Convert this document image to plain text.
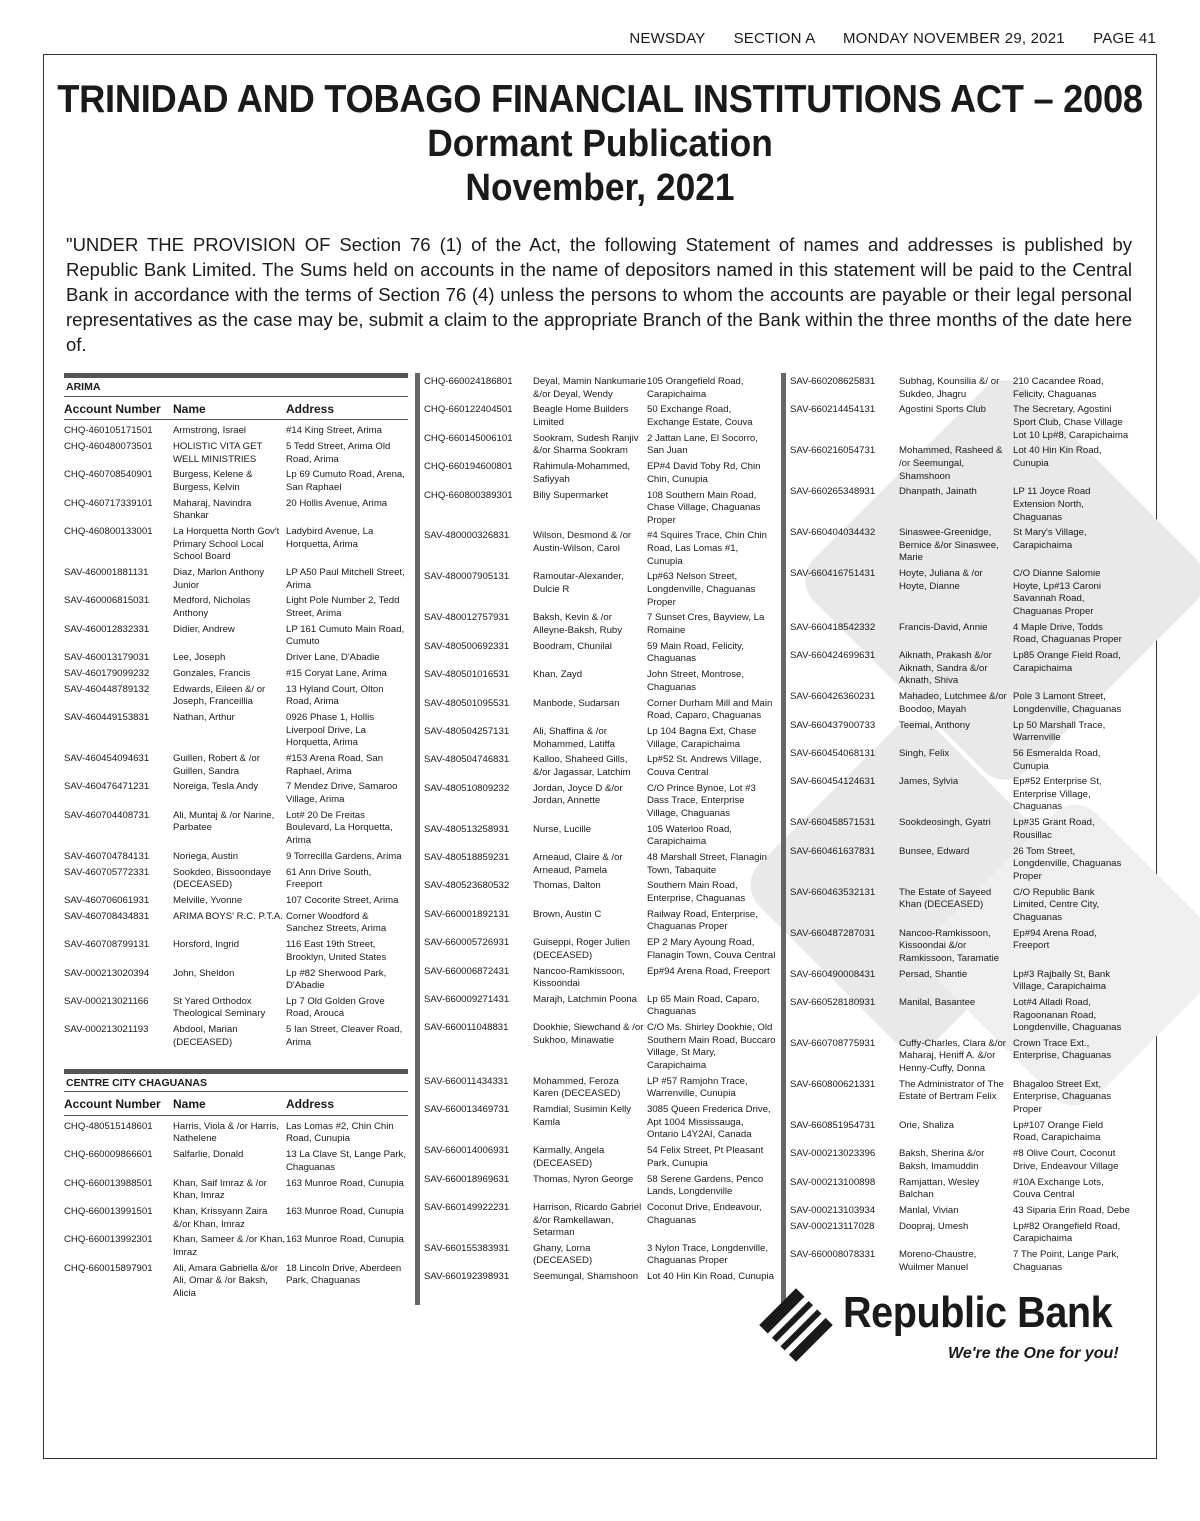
NEWSDAY SECTION A MONDAY NOVEMBER 29, 2021 PAGE 41
TRINIDAD AND TOBAGO FINANCIAL INSTITUTIONS ACT – 2008
Dormant Publication
November, 2021
"UNDER THE PROVISION OF Section 76 (1) of the Act, the following Statement of names and addresses is published by Republic Bank Limited. The Sums held on accounts in the name of depositors named in this statement will be paid to the Central Bank in accordance with the terms of Section 76 (4) unless the persons to whom the accounts are payable or their legal personal representatives as the case may be, submit a claim to the appropriate Branch of the Bank within the three months of the date here of.
ARIMA
Account Number	Name	Address
CHQ-460105171501	Armstrong, Israel	#14 King Street, Arima
CHQ-460480073501	HOLISTIC VITA GET WELL MINISTRIES	5 Tedd Street, Arima Old Road, Arima
CHQ-460708540901	Burgess, Kelene & Burgess, Kelvin	Lp 69 Cumuto Road, Arena, San Raphael
CHQ-460717339101	Maharaj, Navindra Shankar	20 Hollis Avenue, Arima
CHQ-460800133001	La Horquetta North Gov't Primary School Local School Board	Ladybird Avenue, La Horquetta, Arima
SAV-460001881131	Diaz, Marlon Anthony Junior	LP A50 Paul Mitchell Street, Arima
SAV-460006815031	Medford, Nicholas Anthony	Light Pole Number 2, Tedd Street, Arima
SAV-460012832331	Didier, Andrew	LP 161 Cumuto Main Road, Cumuto
SAV-460013179031	Lee, Joseph	Driver Lane, D'Abadie
SAV-460179099232	Gonzales, Francis	#15 Coryat Lane, Arima
SAV-460448789132	Edwards, Eileen &/ or Joseph, Franceillia	13 Hyland Court, Olton Road, Arima
SAV-460449153831	Nathan, Arthur	0926 Phase 1, Hollis Liverpool Drive, La Horquetta, Arima
SAV-460454094631	Guillen, Robert & /or Guillen, Sandra	#153 Arena Road, San Raphael, Arima
SAV-460476471231	Noreiga, Tesla Andy	7 Mendez Drive, Samaroo Village, Arima
SAV-460704408731	Ali, Muntaj & /or Narine, Parbatee	Lot# 20 De Freitas Boulevard, La Horquetta, Arima
SAV-460704784131	Noriega, Austin	9 Torrecilla Gardens, Arima
SAV-460705772331	Sookdeo, Bissoondaye (DECEASED)	61 Ann Drive South, Freeport
SAV-460706061931	Melville, Yvonne	107 Cocorite Street, Arima
SAV-460708434831	ARIMA BOYS' R.C. P.T.A.	Corner Woodford & Sanchez Streets, Arima
SAV-460708799131	Horsford, Ingrid	116 East 19th Street, Brooklyn, United States
SAV-000213020394	John, Sheldon	Lp #82 Sherwood Park, D'Abadie
SAV-000213021166	St Yared Orthodox Theological Seminary	Lp 7 Old Golden Grove Road, Arouca
SAV-000213021193	Abdool, Marian (DECEASED)	5 Ian Street, Cleaver Road, Arima
CENTRE CITY CHAGUANAS
Account Number	Name	Address
CHQ-480515148601	Harris, Viola & /or Harris, Nathelene	Las Lomas #2, Chin Chin Road, Cunupia
CHQ-660009866601	Salfarlie, Donald	13 La Clave St, Lange Park, Chaguanas
CHQ-660013988501	Khan, Saif Imraz & /or Khan, Imraz	163 Munroe Road, Cunupia
CHQ-660013991501	Khan, Krissyann Zaira &/or Khan, Imraz	163 Munroe Road, Cunupia
CHQ-660013992301	Khan, Sameer & /or Khan, Imraz	163 Munroe Road, Cunupia
CHQ-660015897901	Ali, Amara Gabriella &/or Ali, Omar & /or Baksh, Alicia	18 Lincoln Drive, Aberdeen Park, Chaguanas
CHQ-660024186801	Deyal, Mamin Nankumarie &/or Deyal, Wendy	105 Orangefield Road, Carapichaima
CHQ-660122404501	Beagle Home Builders Limited	50 Exchange Road, Exchange Estate, Couva
CHQ-660145006101	Sookram, Sudesh Ranjiv &/or Sharma Sookram	2 Jattan Lane, El Socorro, San Juan
CHQ-660194600801	Rahimula-Mohammed, Safiyyah	EP#4 David Toby Rd, Chin Chin, Cunupia
CHQ-660800389301	Biliy Supermarket	108 Southern Main Road, Chase Village, Chaguanas Proper
SAV-480000326831	Wilson, Desmond & /or Austin-Wilson, Carol	#4 Squires Trace, Chin Chin Road, Las Lomas #1, Cunupia
SAV-480007905131	Ramoutar-Alexander, Dulcie R	Lp#63 Nelson Street, Longdenville, Chaguanas Proper
SAV-480012757931	Baksh, Kevin & /or Alleyne-Baksh, Ruby	7 Sunset Cres, Bayview, La Romaine
SAV-480500692331	Boodram, Chunilal	59 Main Road, Felicity, Chaguanas
SAV-480501016531	Khan, Zayd	John Street, Montrose, Chaguanas
SAV-480501095531	Manbode, Sudarsan	Corner Durham Mill and Main Road, Caparo, Chaguanas
SAV-480504257131	Ali, Shaffina & /or Mohammed, Latiffa	Lp 104 Bagna Ext, Chase Village, Carapichaima
SAV-480504746831	Kalloo, Shaheed Gills, &/or Jagassar, Latchim	Lp#52 St. Andrews Village, Couva Central
SAV-480510809232	Jordan, Joyce D &/or Jordan, Annette	C/O Prince Bynoe, Lot #3 Dass Trace, Enterprise Village, Chaguanas
SAV-480513258931	Nurse, Lucille	105 Waterloo Road, Carapichaima
SAV-480518859231	Arneaud, Claire & /or Arneaud, Pamela	48 Marshall Street, Flanagin Town, Tabaquite
SAV-480523680532	Thomas, Dalton	Southern Main Road, Enterprise, Chaguanas
SAV-660001892131	Brown, Austin C	Railway Road, Enterprise, Chaguanas Proper
SAV-660005726931	Guiseppi, Roger Julien (DECEASED)	EP 2 Mary Ayoung Road, Flanagin Town, Couva Central
SAV-660006872431	Nancoo-Ramkissoon, Kissoondai	Ep#94 Arena Road, Freeport
SAV-660009271431	Marajh, Latchmin Poona	Lp 65 Main Road, Caparo, Chaguanas
SAV-660011048831	Dookhie, Siewchand & /or Sukhoo, Minawatie	C/O Ms. Shirley Dookhie, Old Southern Main Road, Buccaro Village, St Mary, Carapichaima
SAV-660011434331	Mohammed, Feroza Karen (DECEASED)	LP #57 Ramjohn Trace, Warrenville, Cunupia
SAV-660013469731	Ramdial, Susimin Kelly Kamla	3085 Queen Frederica Drive, Apt 1004 Mississauga, Ontario L4Y2AI, Canada
SAV-660014006931	Karmally, Angela (DECEASED)	54 Felix Street, Pt Pleasant Park, Cunupia
SAV-660018969631	Thomas, Nyron George	58 Serene Gardens, Penco Lands, Longdenville
SAV-660149922231	Harrison, Ricardo Gabriel &/or Ramkellawan, Setarman	Coconut Drive, Endeavour, Chaguanas
SAV-660155383931	Ghany, Lorna (DECEASED)	3 Nylon Trace, Longdenville, Chaguanas Proper
SAV-660192398931	Seemungal, Shamshoon	Lot 40 Hin Kin Road, Cunupia
SAV-660208625831	Subhag, Kounsilia &/ or Sukdeo, Jhagru	210 Cacandee Road, Felicity, Chaguanas
SAV-660214454131	Agostini Sports Club	The Secretary, Agostini Sport Club, Chase Village Lot 10 Lp#8, Carapichaima
SAV-660216054731	Mohammed, Rasheed & /or Seemungal, Shamshoon	Lot 40 Hin Kin Road, Cunupia
SAV-660265348931	Dhanpath, Jainath	LP 11 Joyce Road Extension North, Chaguanas
SAV-660404034432	Sinaswee-Greenidge, Bernice &/or Sinaswee, Marie	St Mary's Village, Carapichaima
SAV-660416751431	Hoyte, Juliana & /or Hoyte, Dianne	C/O Dianne Salomie Hoyte, Lp#13 Caroni Savannah Road, Chaguanas Proper
SAV-660418542332	Francis-David, Annie	4 Maple Drive, Todds Road, Chaguanas Proper
SAV-660424699631	Aiknath, Prakash &/or Aiknath, Sandra &/or Aknath, Shiva	Lp85 Orange Field Road, Carapichaima
SAV-660426360231	Mahadeo, Lutchmee &/or Boodoo, Mayah	Pole 3 Lamont Street, Longdenville, Chaguanas
SAV-660437900733	Teemal, Anthony	Lp 50 Marshall Trace, Warrenville
SAV-660454068131	Singh, Felix	56 Esmeralda Road, Cunupia
SAV-660454124631	James, Sylvia	Ep#52 Enterprise St, Enterprise Village, Chaguanas
SAV-660458571531	Sookdeosingh, Gyatri	Lp#35 Grant Road, Rousillac
SAV-660461637831	Bunsee, Edward	26 Tom Street, Longdenville, Chaguanas Proper
SAV-660463532131	The Estate of Sayeed Khan (DECEASED)	C/O Republic Bank Limited, Centre City, Chaguanas
SAV-660487287031	Nancoo-Ramkissoon, Kissoondai &/or Ramkissoon, Taramatie	Ep#94 Arena Road, Freeport
SAV-660490008431	Persad, Shantie	Lp#3 Rajbally St, Bank Village, Carapichaima
SAV-660528180931	Manilal, Basantee	Lot#4 Alladi Road, Ragoonanan Road, Longdenville, Chaguanas
SAV-660708775931	Cuffy-Charles, Clara &/or Maharaj, Heniff A. &/or Henny-Cuffy, Donna	Crown Trace Ext., Enterprise, Chaguanas
SAV-660800621331	The Administrator of The Estate of Bertram Felix	Bhagaloo Street Ext, Enterprise, Chaguanas Proper
SAV-660851954731	Orie, Shaliza	Lp#107 Orange Field Road, Carapichaima
SAV-000213023396	Baksh, Sherina &/or Baksh, Imamuddin	#8 Olive Court, Coconut Drive, Endeavour Village
SAV-000213100898	Ramjattan, Wesley Balchan	#10A Exchange Lots, Couva Central
SAV-000213103934	Manlal, Vivian	43 Siparia Erin Road, Debe
SAV-000213117028	Doopraj, Umesh	Lp#82 Orangefield Road, Carapichaima
SAV-660008078331	Moreno-Chaustre, Wuilmer Manuel	7 The Point, Lange Park, Chaguanas
Republic Bank
We're the One for you!
